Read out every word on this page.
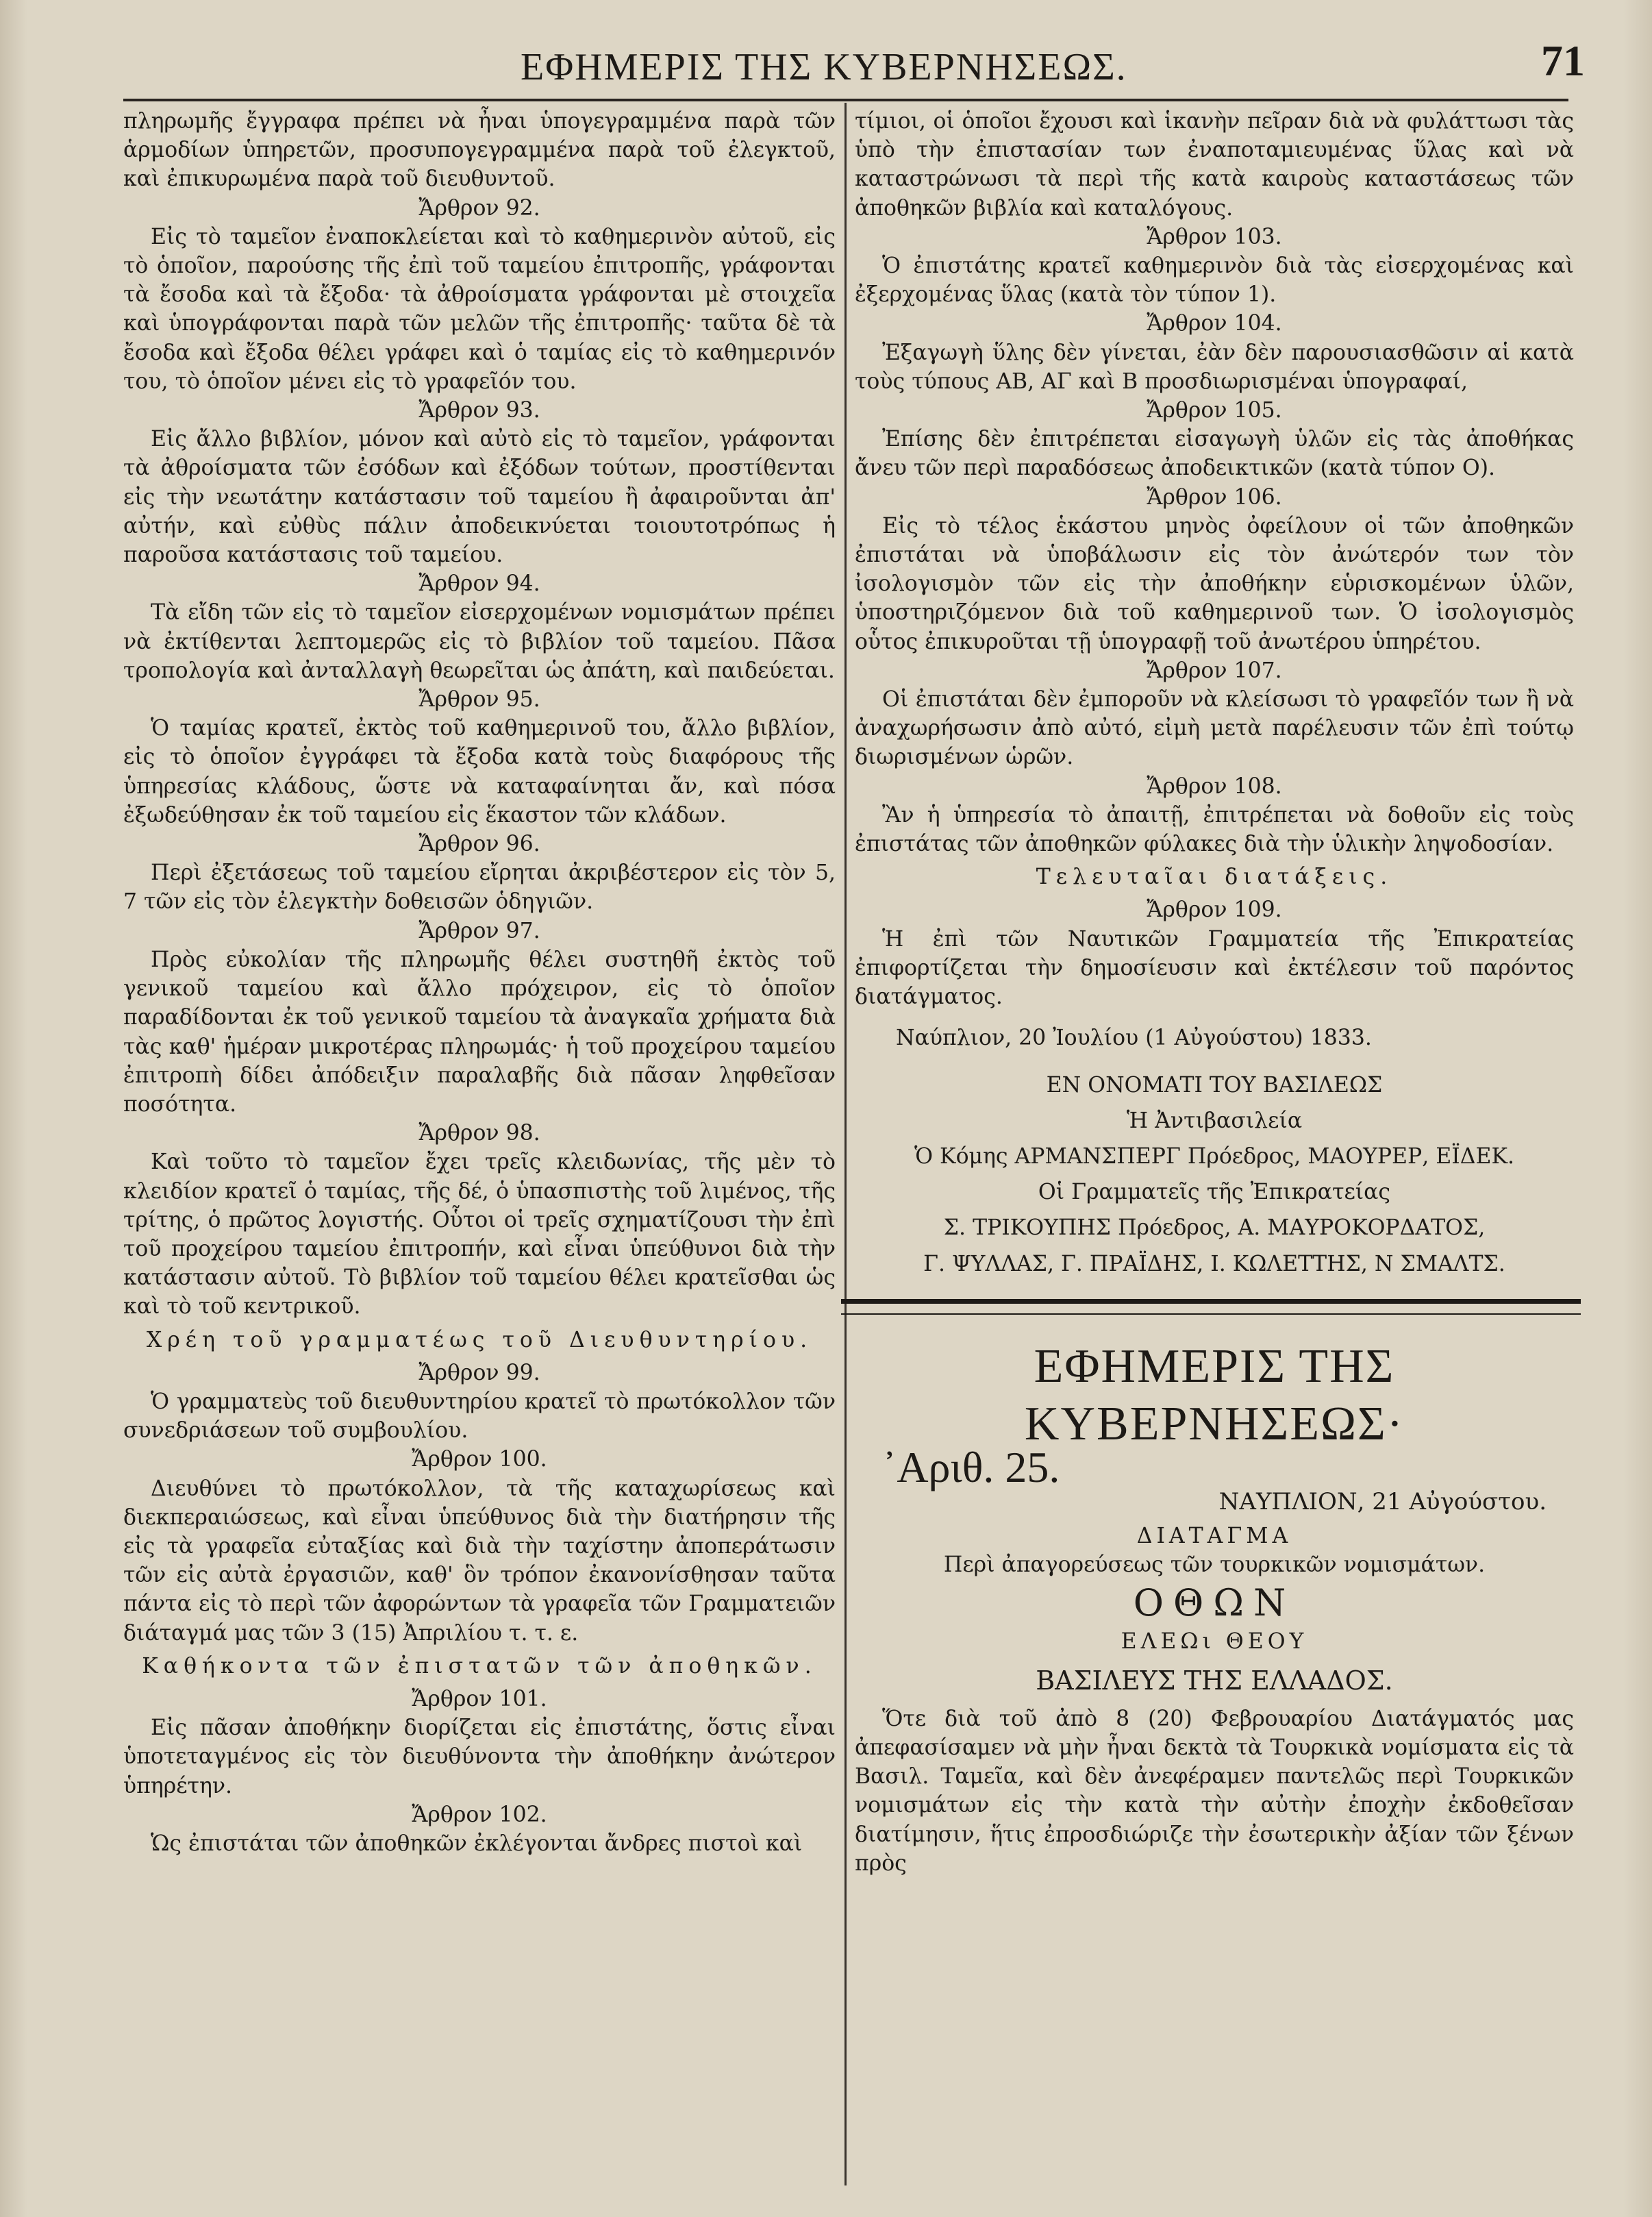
ΕΦΗΜΕΡΙΣ ΤΗΣ ΚΥΒΕΡΝΗΣΕΩΣ.	71

πληρωμῆς ἔγγραφα πρέπει νὰ ἦναι ὑπογεγραμμένα παρὰ τῶν ἁρμοδίων ὑπηρετῶν, προσυπογεγραμμένα παρὰ τοῦ ἐλεγκτοῦ, καὶ ἐπικυρωμένα παρὰ τοῦ διευθυντοῦ.

Ἄρθρον 92.

Εἰς τὸ ταμεῖον ἐναποκλείεται καὶ τὸ καθημερινὸν αὐτοῦ, εἰς τὸ ὁποῖον, παρούσης τῆς ἐπὶ τοῦ ταμείου ἐπιτροπῆς, γράφονται τὰ ἔσοδα καὶ τὰ ἔξοδα· τὰ ἀθροίσματα γράφονται μὲ στοιχεῖα καὶ ὑπογράφονται παρὰ τῶν μελῶν τῆς ἐπιτροπῆς· ταῦτα δὲ τὰ ἔσοδα καὶ ἔξοδα θέλει γράφει καὶ ὁ ταμίας εἰς τὸ καθημερινόν του, τὸ ὁποῖον μένει εἰς τὸ γραφεῖόν του.

Ἄρθρον 93.

Εἰς ἄλλο βιβλίον, μόνον καὶ αὐτὸ εἰς τὸ ταμεῖον, γράφονται τὰ ἀθροίσματα τῶν ἐσόδων καὶ ἐξόδων τούτων, προστίθενται εἰς τὴν νεωτάτην κατάστασιν τοῦ ταμείου ἢ ἀφαιροῦνται ἀπ' αὐτήν, καὶ εὐθὺς πάλιν ἀποδεικνύεται τοιουτοτρόπως ἡ παροῦσα κατάστασις τοῦ ταμείου.

Ἄρθρον 94.

Τὰ εἴδη τῶν εἰς τὸ ταμεῖον εἰσερχομένων νομισμάτων πρέπει νὰ ἐκτίθενται λεπτομερῶς εἰς τὸ βιβλίον τοῦ ταμείου. Πᾶσα τροπολογία καὶ ἀνταλλαγὴ θεωρεῖται ὡς ἀπάτη, καὶ παιδεύεται.

Ἄρθρον 95.

Ὁ ταμίας κρατεῖ, ἐκτὸς τοῦ καθημερινοῦ του, ἄλλο βιβλίον, εἰς τὸ ὁποῖον ἐγγράφει τὰ ἔξοδα κατὰ τοὺς διαφόρους τῆς ὑπηρεσίας κλάδους, ὥστε νὰ καταφαίνηται ἄν, καὶ πόσα ἐξωδεύθησαν ἐκ τοῦ ταμείου εἰς ἕκαστον τῶν κλάδων.

Ἄρθρον 96.

Περὶ ἐξετάσεως τοῦ ταμείου εἴρηται ἀκριβέστερον εἰς τὸν 5, 7 τῶν εἰς τὸν ἐλεγκτὴν δοθεισῶν ὁδηγιῶν.

Ἄρθρον 97.

Πρὸς εὐκολίαν τῆς πληρωμῆς θέλει συστηθῆ ἐκτὸς τοῦ γενικοῦ ταμείου καὶ ἄλλο πρόχειρον, εἰς τὸ ὁποῖον παραδίδονται ἐκ τοῦ γενικοῦ ταμείου τὰ ἀναγκαῖα χρήματα διὰ τὰς καθ' ἡμέραν μικροτέρας πληρωμάς· ἡ τοῦ προχείρου ταμείου ἐπιτροπὴ δίδει ἀπόδειξιν παραλαβῆς διὰ πᾶσαν ληφθεῖσαν ποσότητα.

Ἄρθρον 98.

Καὶ τοῦτο τὸ ταμεῖον ἔχει τρεῖς κλειδωνίας, τῆς μὲν τὸ κλειδίον κρατεῖ ὁ ταμίας, τῆς δέ, ὁ ὑπασπιστὴς τοῦ λιμένος, τῆς τρίτης, ὁ πρῶτος λογιστής. Οὗτοι οἱ τρεῖς σχηματίζουσι τὴν ἐπὶ τοῦ προχείρου ταμείου ἐπιτροπήν, καὶ εἶναι ὑπεύθυνοι διὰ τὴν κατάστασιν αὐτοῦ. Τὸ βιβλίον τοῦ ταμείου θέλει κρατεῖσθαι ὡς καὶ τὸ τοῦ κεντρικοῦ.

Χρέη τοῦ γραμματέως τοῦ Διευθυντηρίου.

Ἄρθρον 99.

Ὁ γραμματεὺς τοῦ διευθυντηρίου κρατεῖ τὸ πρωτόκολλον τῶν συνεδριάσεων τοῦ συμβουλίου.

Ἄρθρον 100.

Διευθύνει τὸ πρωτόκολλον, τὰ τῆς καταχωρίσεως καὶ διεκπεραιώσεως, καὶ εἶναι ὑπεύθυνος διὰ τὴν διατήρησιν τῆς εἰς τὰ γραφεῖα εὐταξίας καὶ διὰ τὴν ταχίστην ἀποπεράτωσιν τῶν εἰς αὐτὰ ἐργασιῶν, καθ' ὃν τρόπον ἐκανονίσθησαν ταῦτα πάντα εἰς τὸ περὶ τῶν ἀφορώντων τὰ γραφεῖα τῶν Γραμματειῶν διάταγμά μας τῶν 3 (15) Ἀπριλίου τ. τ. ε.

Καθήκοντα τῶν ἐπιστατῶν τῶν ἀποθηκῶν.

Ἄρθρον 101.

Εἰς πᾶσαν ἀποθήκην διορίζεται εἰς ἐπιστάτης, ὅστις εἶναι ὑποτεταγμένος εἰς τὸν διευθύνοντα τὴν ἀποθήκην ἀνώτερον ὑπηρέτην.

Ἄρθρον 102.

Ὡς ἐπιστάται τῶν ἀποθηκῶν ἐκλέγονται ἄνδρες πιστοὶ καὶ

τίμιοι, οἱ ὁποῖοι ἔχουσι καὶ ἱκανὴν πεῖραν διὰ νὰ φυλάττωσι τὰς ὑπὸ τὴν ἐπιστασίαν των ἐναποταμιευμένας ὕλας καὶ νὰ καταστρώνωσι τὰ περὶ τῆς κατὰ καιροὺς καταστάσεως τῶν ἀποθηκῶν βιβλία καὶ καταλόγους.

Ἄρθρον 103.

Ὁ ἐπιστάτης κρατεῖ καθημερινὸν διὰ τὰς εἰσερχομένας καὶ ἐξερχομένας ὕλας (κατὰ τὸν τύπον 1).

Ἄρθρον 104.

Ἐξαγωγὴ ὕλης δὲν γίνεται, ἐὰν δὲν παρουσιασθῶσιν αἱ κατὰ τοὺς τύπους ΑΒ, ΑΓ καὶ Β προσδιωρισμέναι ὑπογραφαί,

Ἄρθρον 105.

Ἐπίσης δὲν ἐπιτρέπεται εἰσαγωγὴ ὑλῶν εἰς τὰς ἀποθήκας ἄνευ τῶν περὶ παραδόσεως ἀποδεικτικῶν (κατὰ τύπον Ο).

Ἄρθρον 106.

Εἰς τὸ τέλος ἑκάστου μηνὸς ὀφείλουν οἱ τῶν ἀποθηκῶν ἐπιστάται νὰ ὑποβάλωσιν εἰς τὸν ἀνώτερόν των τὸν ἰσολογισμὸν τῶν εἰς τὴν ἀποθήκην εὑρισκομένων ὑλῶν, ὑποστηριζόμενον διὰ τοῦ καθημερινοῦ των. Ὁ ἰσολογισμὸς οὗτος ἐπικυροῦται τῇ ὑπογραφῇ τοῦ ἀνωτέρου ὑπηρέτου.

Ἄρθρον 107.

Οἱ ἐπιστάται δὲν ἐμποροῦν νὰ κλείσωσι τὸ γραφεῖόν των ἢ νὰ ἀναχωρήσωσιν ἀπὸ αὐτό, εἰμὴ μετὰ παρέλευσιν τῶν ἐπὶ τούτῳ διωρισμένων ὡρῶν.

Ἄρθρον 108.

Ἂν ἡ ὑπηρεσία τὸ ἀπαιτῇ, ἐπιτρέπεται νὰ δοθοῦν εἰς τοὺς ἐπιστάτας τῶν ἀποθηκῶν φύλακες διὰ τὴν ὑλικὴν ληψοδοσίαν.

Τελευταῖαι διατάξεις.

Ἄρθρον 109.

Ἡ ἐπὶ τῶν Ναυτικῶν Γραμματεία τῆς Ἐπικρατείας ἐπιφορτίζεται τὴν δημοσίευσιν καὶ ἐκτέλεσιν τοῦ παρόντος διατάγματος.

Ναύπλιον, 20 Ἰουλίου (1 Αὐγούστου) 1833.

ΕΝ ΟΝΟΜΑΤΙ ΤΟΥ ΒΑΣΙΛΕΩΣ

Ἡ Ἀντιβασιλεία

Ὁ Κόμης ΑΡΜΑΝΣΠΕΡΓ Πρόεδρος, ΜΑΟΥΡΕΡ, ΕΪΔΕΚ.

Οἱ Γραμματεῖς τῆς Ἐπικρατείας

Σ. ΤΡΙΚΟΥΠΗΣ Πρόεδρος, Α. ΜΑΥΡΟΚΟΡΔΑΤΟΣ,

Γ. ΨΥΛΛΑΣ, Γ. ΠΡΑΪΔΗΣ, Ι. ΚΩΛΕΤΤΗΣ, Ν ΣΜΑΛΤΣ.

ΕΦΗΜΕΡΙΣ ΤΗΣ ΚΥΒΕΡΝΗΣΕΩΣ·

᾿Αριθ. 25.
ΝΑΥΠΛΙΟΝ, 21 Αὐγούστου.

ΔΙΑΤΑΓΜΑ

Περὶ ἀπαγορεύσεως τῶν τουρκικῶν νομισμάτων.

ΟΘΩΝ

ΕΛΕΩι ΘΕΟΥ

ΒΑΣΙΛΕΥΣ ΤΗΣ ΕΛΛΑΔΟΣ.

Ὅτε διὰ τοῦ ἀπὸ 8 (20) Φεβρουαρίου Διατάγματός μας ἀπεφασίσαμεν νὰ μὴν ἦναι δεκτὰ τὰ Τουρκικὰ νομίσματα εἰς τὰ Βασιλ. Ταμεῖα, καὶ δὲν ἀνεφέραμεν παντελῶς περὶ Τουρκικῶν νομισμάτων εἰς τὴν κατὰ τὴν αὐτὴν ἐποχὴν ἐκδοθεῖσαν διατίμησιν, ἥτις ἐπροσδιώριζε τὴν ἐσωτερικὴν ἀξίαν τῶν ξένων πρὸς
